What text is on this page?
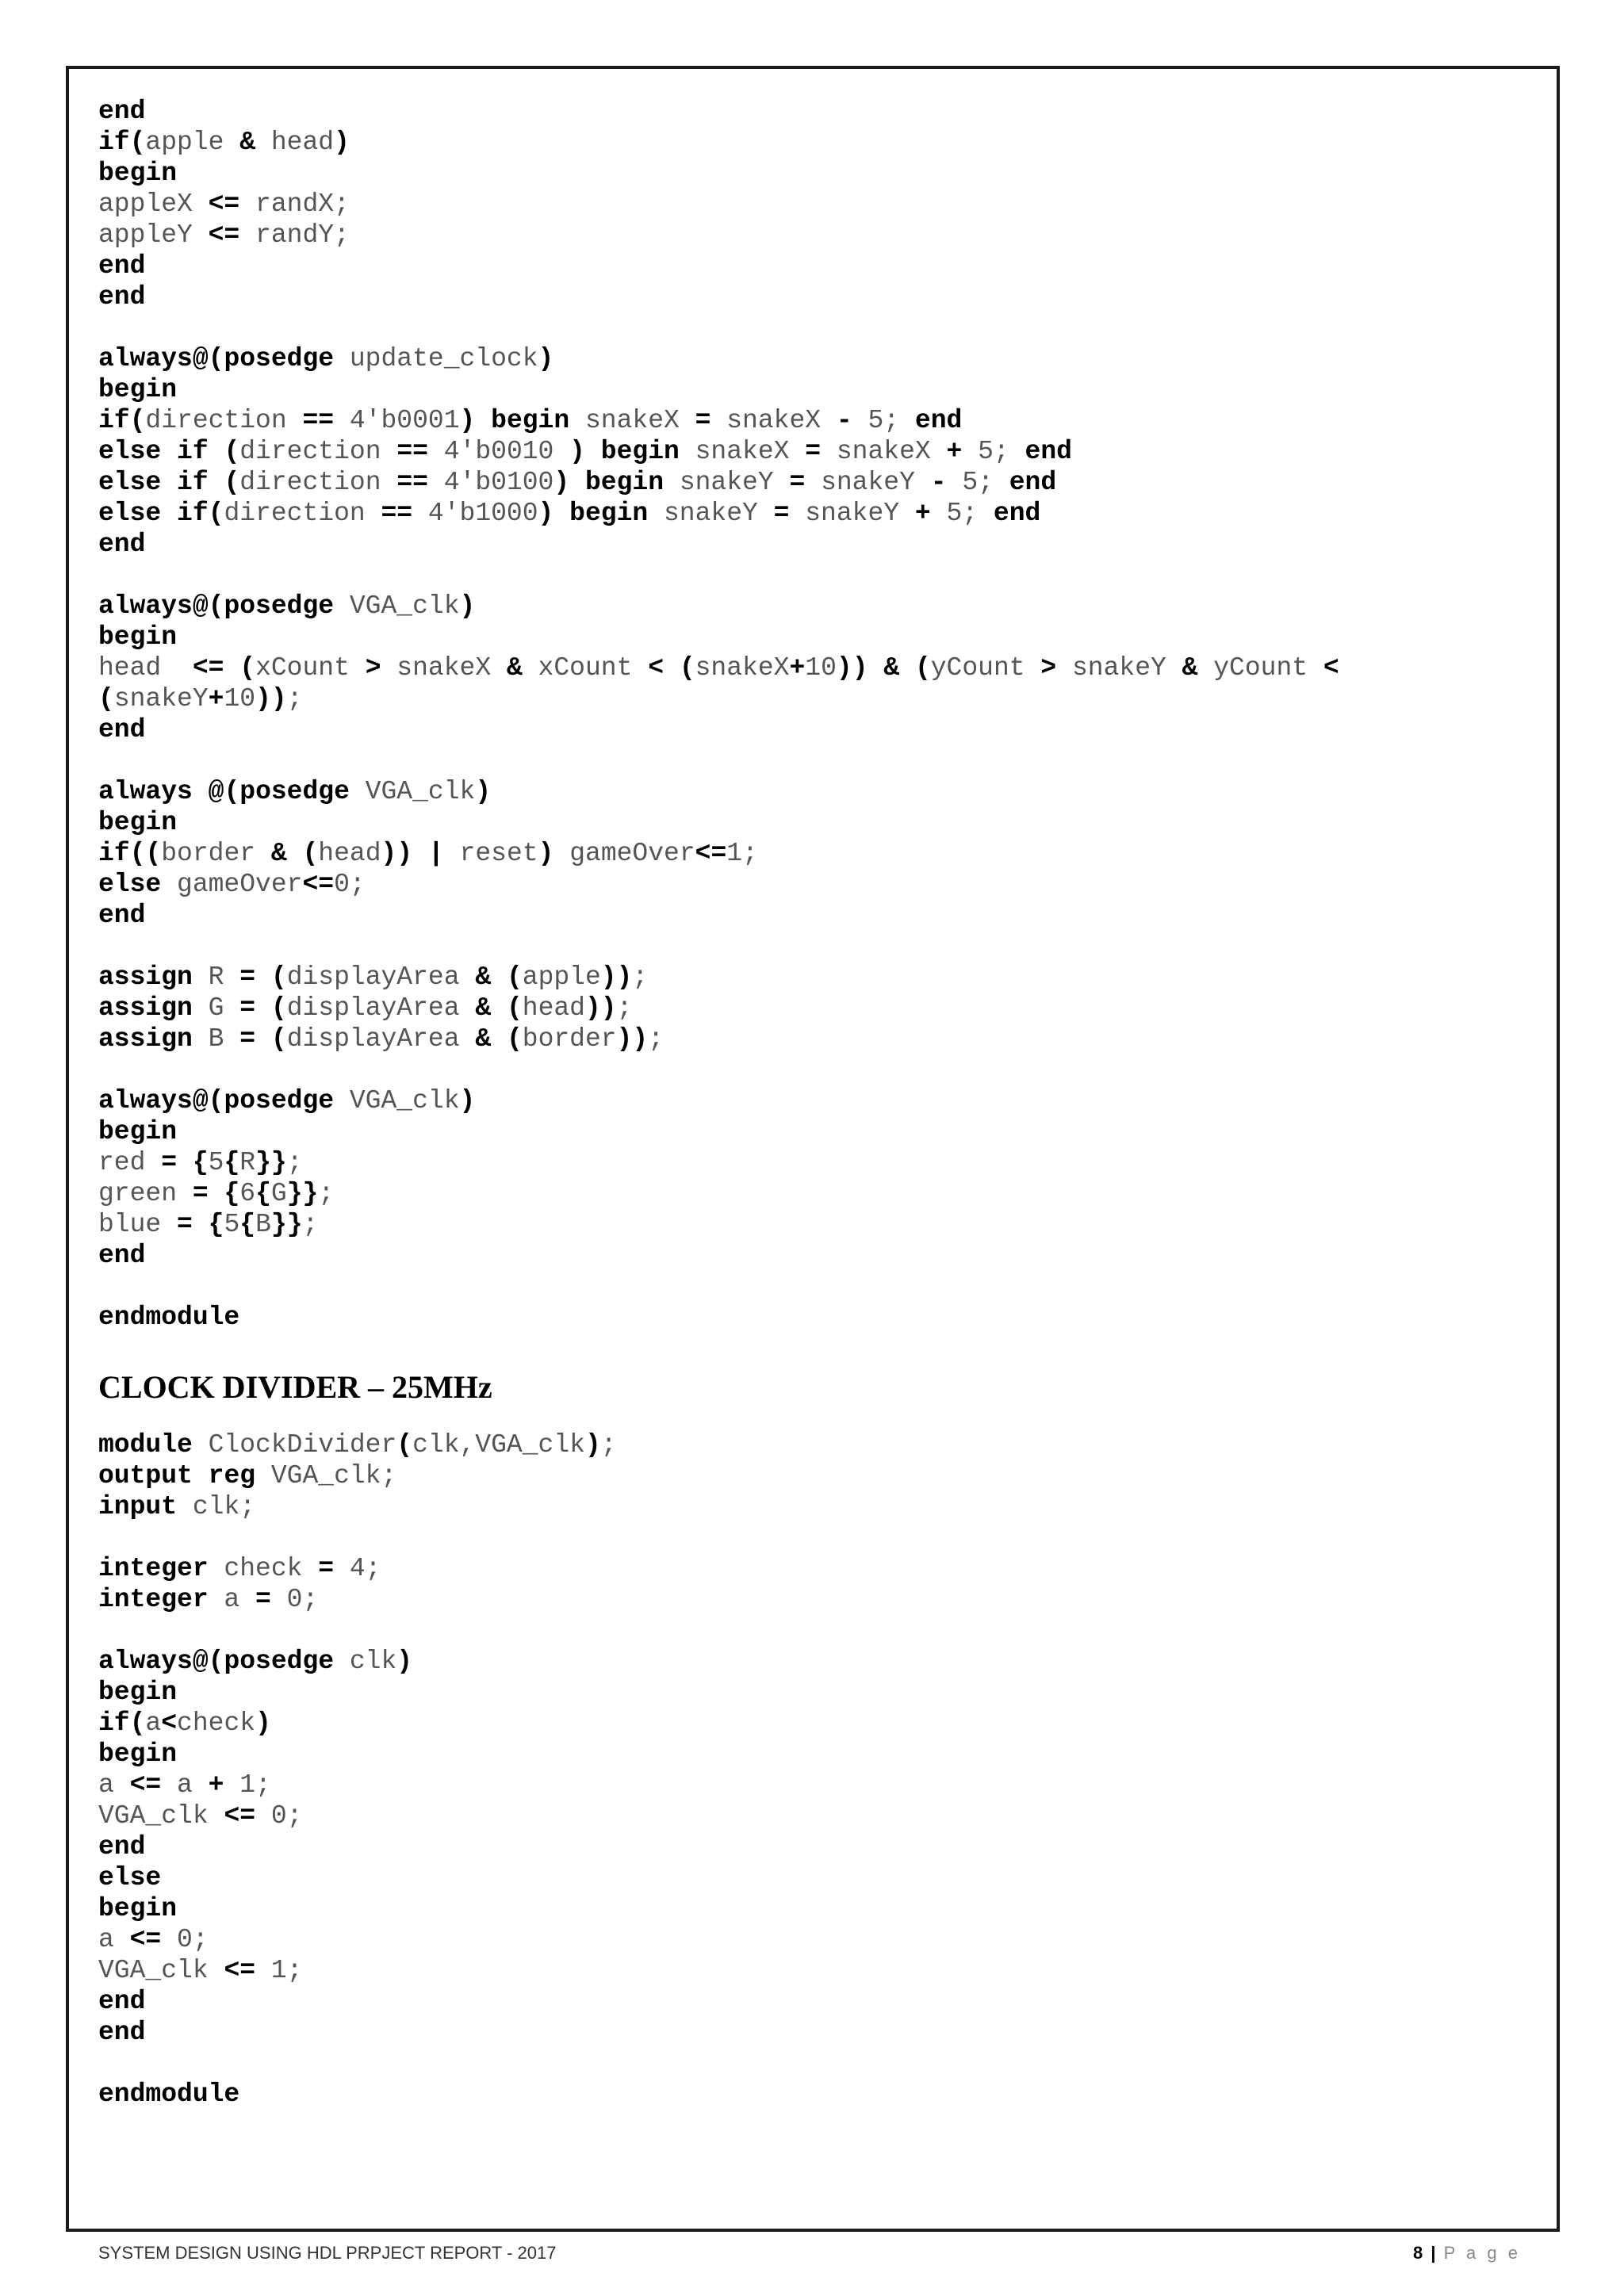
end
if(apple & head)
begin
appleX <= randX;
appleY <= randY;
end
end

always@(posedge update_clock)
begin
if(direction == 4'b0001) begin snakeX = snakeX - 5; end
else if (direction == 4'b0010 ) begin snakeX = snakeX + 5; end
else if (direction == 4'b0100) begin snakeY = snakeY - 5; end
else if(direction == 4'b1000) begin snakeY = snakeY + 5; end
end

always@(posedge VGA_clk)
begin
head  <= (xCount > snakeX & xCount < (snakeX+10)) & (yCount > snakeY & yCount <
(snakeY+10));
end

always @(posedge VGA_clk)
begin
if((border & (head)) | reset) gameOver<=1;
else gameOver<=0;
end

assign R = (displayArea & (apple));
assign G = (displayArea & (head));
assign B = (displayArea & (border));

always@(posedge VGA_clk)
begin
red = {5{R}};
green = {6{G}};
blue = {5{B}};
end

endmodule
CLOCK DIVIDER – 25MHz
module ClockDivider(clk,VGA_clk);
output reg VGA_clk;
input clk;

integer check = 4;
integer a = 0;

always@(posedge clk)
begin
if(a<check)
begin
a <= a + 1;
VGA_clk <= 0;
end
else
begin
a <= 0;
VGA_clk <= 1;
end
end

endmodule
SYSTEM DESIGN USING HDL PRPJECT REPORT - 2017	8 | P a g e
